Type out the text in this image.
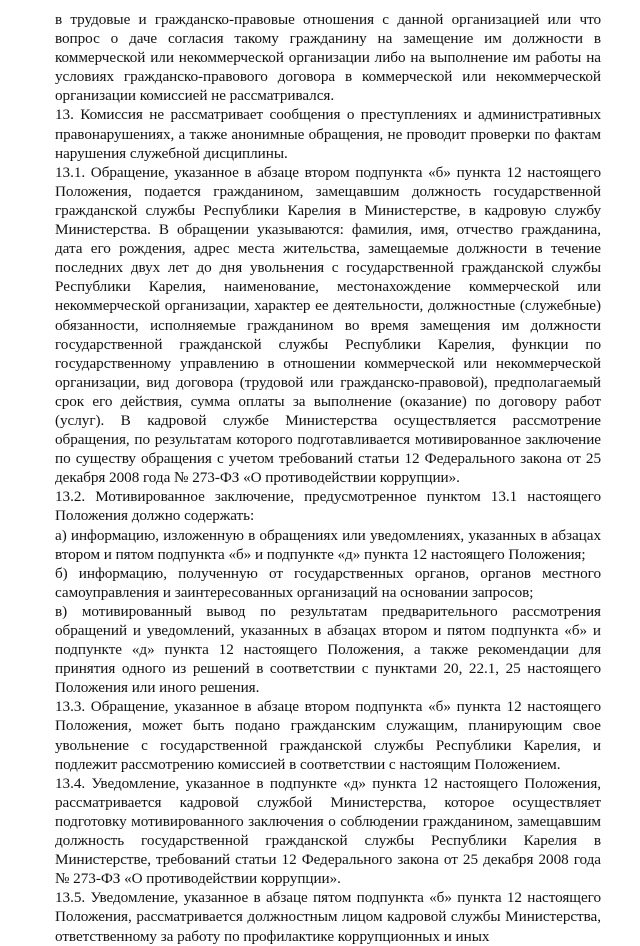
в трудовые и гражданско-правовые отношения с данной организацией или что вопрос о даче согласия такому гражданину на замещение им должности в коммерческой или некоммерческой организации либо на выполнение им работы на условиях гражданско-правового договора в коммерческой или некоммерческой организации комиссией не рассматривался.

13. Комиссия не рассматривает сообщения о преступлениях и административных правонарушениях, а также анонимные обращения, не проводит проверки по фактам нарушения служебной дисциплины.

13.1. Обращение, указанное в абзаце втором подпункта «б» пункта 12 настоящего Положения, подается гражданином, замещавшим должность государственной гражданской службы Республики Карелия в Министерстве, в кадровую службу Министерства. В обращении указываются: фамилия, имя, отчество гражданина, дата его рождения, адрес места жительства, замещаемые должности в течение последних двух лет до дня увольнения с государственной гражданской службы Республики Карелия, наименование, местонахождение коммерческой или некоммерческой организации, характер ее деятельности, должностные (служебные) обязанности, исполняемые гражданином во время замещения им должности государственной гражданской службы Республики Карелия, функции по государственному управлению в отношении коммерческой или некоммерческой организации, вид договора (трудовой или гражданско-правовой), предполагаемый срок его действия, сумма оплаты за выполнение (оказание) по договору работ (услуг). В кадровой службе Министерства осуществляется рассмотрение обращения, по результатам которого подготавливается мотивированное заключение по существу обращения с учетом требований статьи 12 Федерального закона от 25 декабря 2008 года № 273-ФЗ «О противодействии коррупции».

13.2. Мотивированное заключение, предусмотренное пунктом 13.1 настоящего Положения должно содержать:

а) информацию, изложенную в обращениях или уведомлениях, указанных в абзацах втором и пятом подпункта «б» и подпункте «д» пункта 12 настоящего Положения;

б) информацию, полученную от государственных органов, органов местного самоуправления и заинтересованных организаций на основании запросов;

в) мотивированный вывод по результатам предварительного рассмотрения обращений и уведомлений, указанных в абзацах втором и пятом подпункта «б» и подпункте «д» пункта 12 настоящего Положения, а также рекомендации для принятия одного из решений в соответствии с пунктами 20, 22.1, 25 настоящего Положения или иного решения.

13.3. Обращение, указанное в абзаце втором подпункта «б» пункта 12 настоящего Положения, может быть подано гражданским служащим, планирующим свое увольнение с государственной гражданской службы Республики Карелия, и подлежит рассмотрению комиссией в соответствии с настоящим Положением.

13.4. Уведомление, указанное в подпункте «д» пункта 12 настоящего Положения, рассматривается кадровой службой Министерства, которое осуществляет подготовку мотивированного заключения о соблюдении гражданином, замещавшим должность государственной гражданской службы Республики Карелия в Министерстве, требований статьи 12 Федерального закона от 25 декабря 2008 года № 273-ФЗ «О противодействии коррупции».

13.5. Уведомление, указанное в абзаце пятом подпункта «б» пункта 12 настоящего Положения, рассматривается должностным лицом кадровой службы Министерства, ответственному за работу по профилактике коррупционных и иных
